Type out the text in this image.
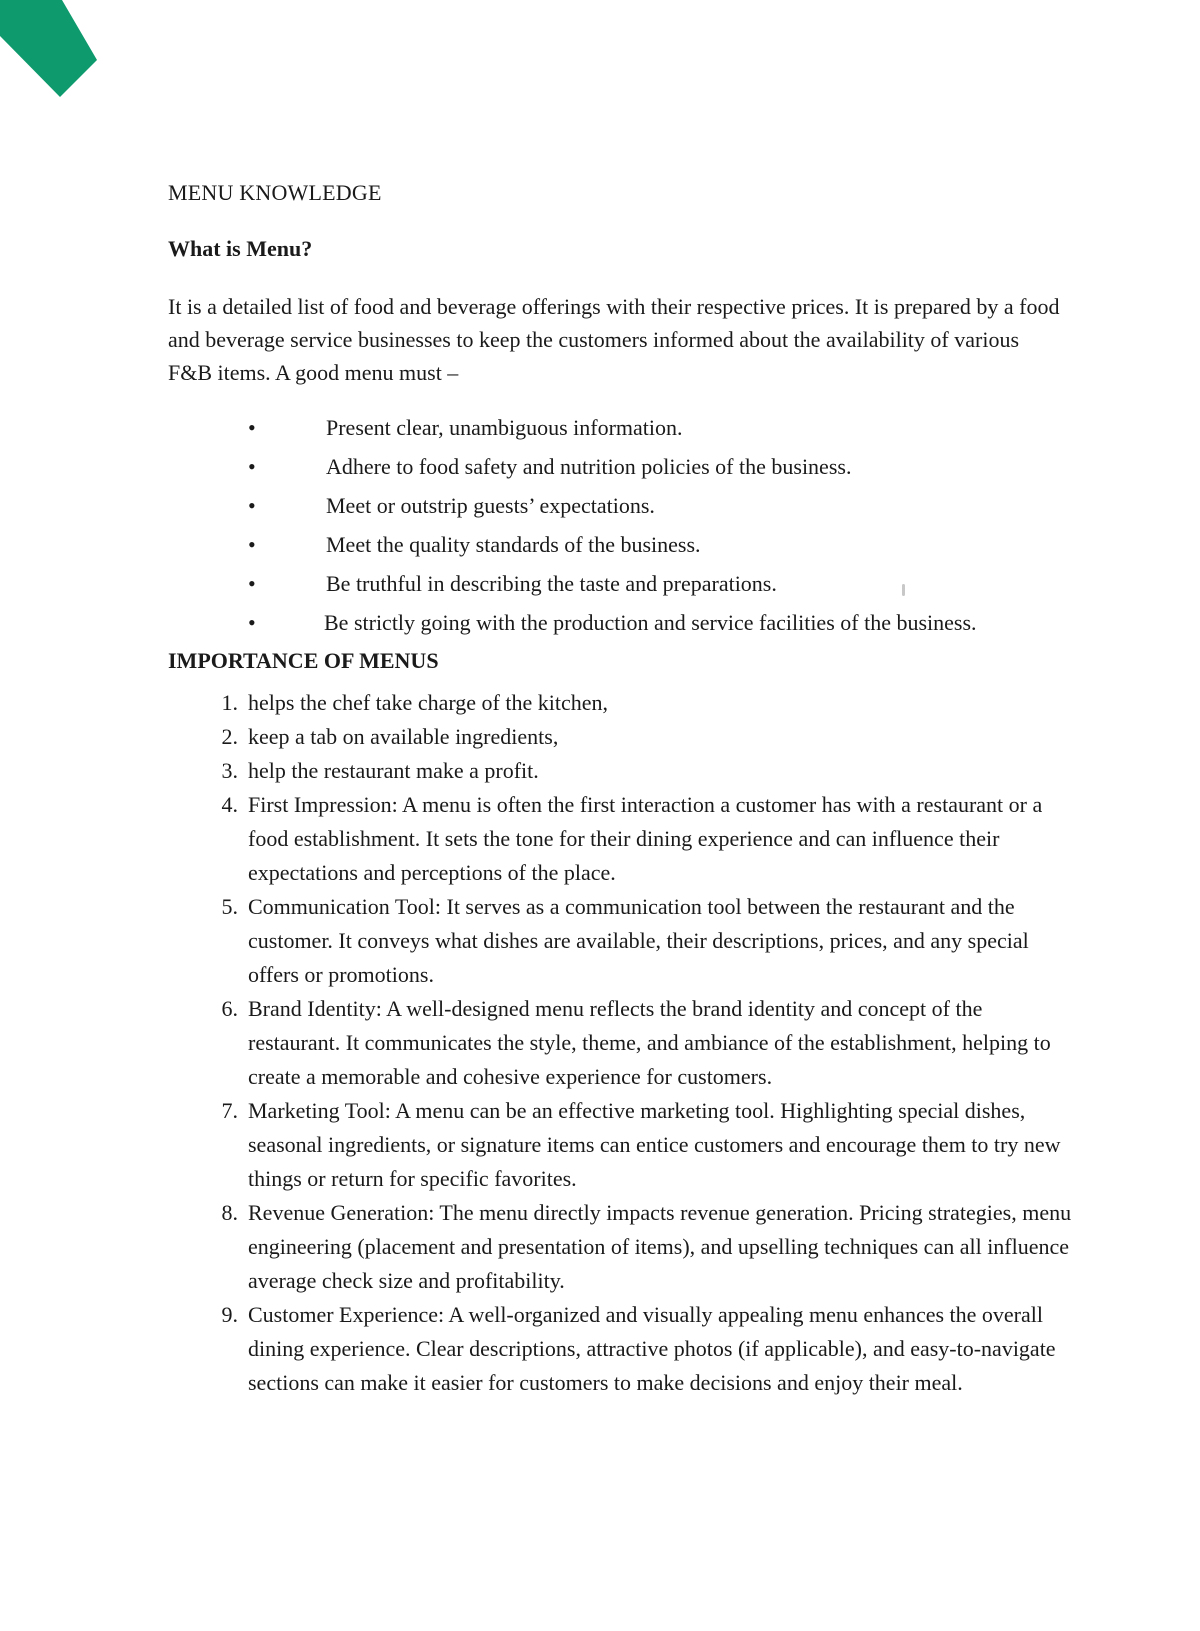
MENU KNOWLEDGE

What is Menu?

It is a detailed list of food and beverage offerings with their respective prices. It is prepared by a food and beverage service businesses to keep the customers informed about the availability of various F&B items. A good menu must –

•	Present clear, unambiguous information.
•	Adhere to food safety and nutrition policies of the business.
•	Meet or outstrip guests’ expectations.
•	Meet the quality standards of the business.
•	Be truthful in describing the taste and preparations.
•	Be strictly going with the production and service facilities of the business.

IMPORTANCE OF MENUS

1. helps the chef take charge of the kitchen,
2. keep a tab on available ingredients,
3. help the restaurant make a profit.
4. First Impression: A menu is often the first interaction a customer has with a restaurant or a food establishment. It sets the tone for their dining experience and can influence their expectations and perceptions of the place.
5. Communication Tool: It serves as a communication tool between the restaurant and the customer. It conveys what dishes are available, their descriptions, prices, and any special offers or promotions.
6. Brand Identity: A well-designed menu reflects the brand identity and concept of the restaurant. It communicates the style, theme, and ambiance of the establishment, helping to create a memorable and cohesive experience for customers.
7. Marketing Tool: A menu can be an effective marketing tool. Highlighting special dishes, seasonal ingredients, or signature items can entice customers and encourage them to try new things or return for specific favorites.
8. Revenue Generation: The menu directly impacts revenue generation. Pricing strategies, menu engineering (placement and presentation of items), and upselling techniques can all influence average check size and profitability.
9. Customer Experience: A well-organized and visually appealing menu enhances the overall dining experience. Clear descriptions, attractive photos (if applicable), and easy-to-navigate sections can make it easier for customers to make decisions and enjoy their meal.
